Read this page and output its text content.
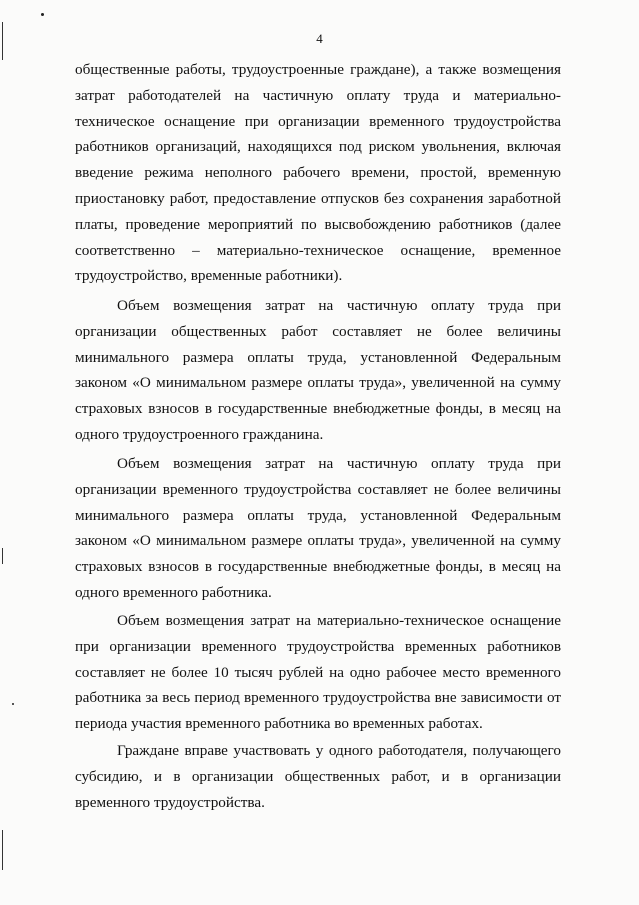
4

общественные работы, трудоустроенные граждане), а также возмещения затрат работодателей на частичную оплату труда и материально-техническое оснащение при организации временного трудоустройства работников организаций, находящихся под риском увольнения, включая введение режима неполного рабочего времени, простой, временную приостановку работ, предоставление отпусков без сохранения заработной платы, проведение мероприятий по высвобождению работников (далее соответственно – материально-техническое оснащение, временное трудоустройство, временные работники).

Объем возмещения затрат на частичную оплату труда при организации общественных работ составляет не более величины минимального размера оплаты труда, установленной Федеральным законом «О минимальном размере оплаты труда», увеличенной на сумму страховых взносов в государственные внебюджетные фонды, в месяц на одного трудоустроенного гражданина.

Объем возмещения затрат на частичную оплату труда при организации временного трудоустройства составляет не более величины минимального размера оплаты труда, установленной Федеральным законом «О минимальном размере оплаты труда», увеличенной на сумму страховых взносов в государственные внебюджетные фонды, в месяц на одного временного работника.

Объем возмещения затрат на материально-техническое оснащение при организации временного трудоустройства временных работников составляет не более 10 тысяч рублей на одно рабочее место временного работника за весь период временного трудоустройства вне зависимости от периода участия временного работника во временных работах.

Граждане вправе участвовать у одного работодателя, получающего субсидию, и в организации общественных работ, и в организации временного трудоустройства.
